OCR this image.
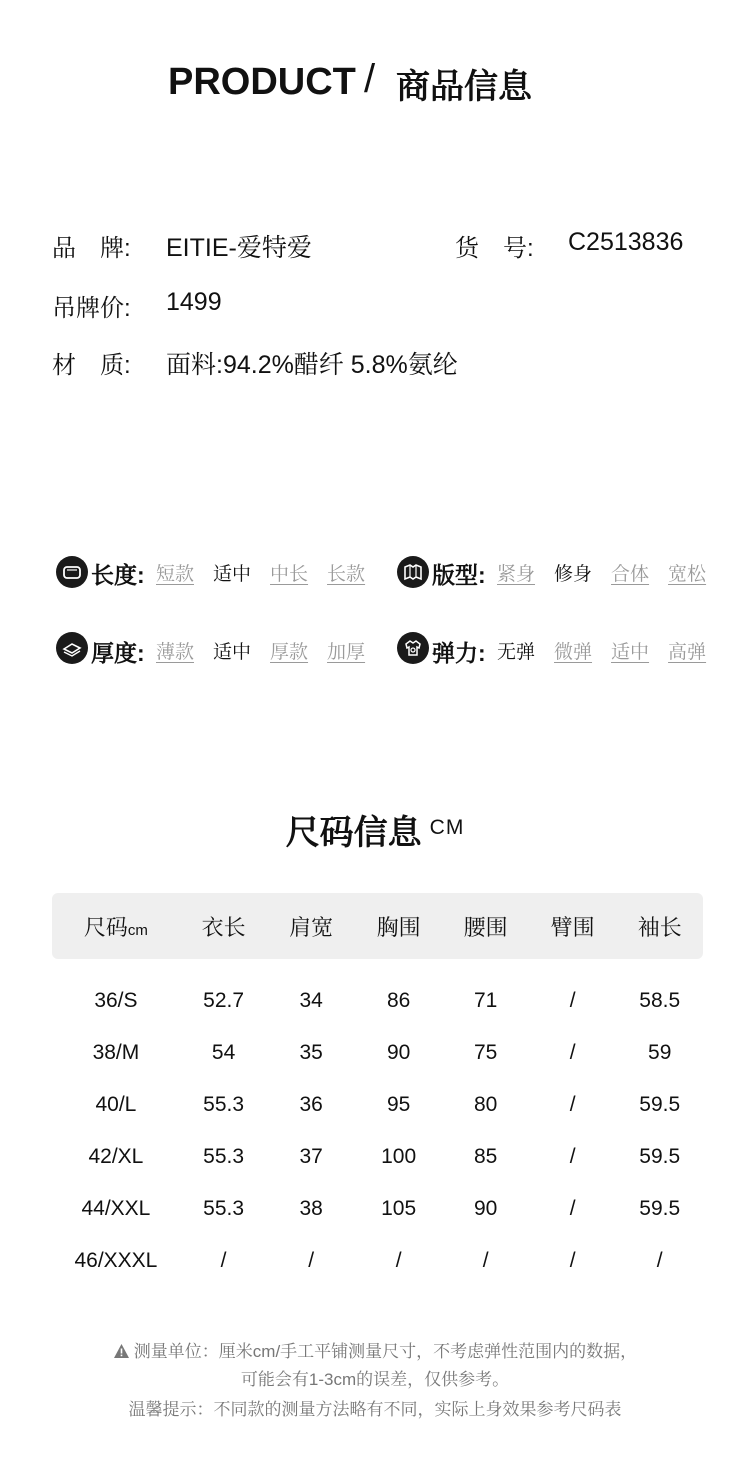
PRODUCT / 商品信息
品　牌: EITIE-爱特爱	货　号: C2513836
吊牌价: 1499
材　质: 面料:94.2%醋纤 5.8%氨纶
长度: 短款 适中 中长 长款	版型: 紧身 修身 合体 宽松
厚度: 薄款 适中 厚款 加厚	弹力: 无弹 微弹 适中 高弹
尺码信息 CM
尺码cm	衣长	肩宽	胸围	腰围	臂围	袖长
36/S	52.7	34	86	71	/	58.5
38/M	54	35	90	75	/	59
40/L	55.3	36	95	80	/	59.5
42/XL	55.3	37	100	85	/	59.5
44/XXL	55.3	38	105	90	/	59.5
46/XXXL	/	/	/	/	/	/
测量单位：厘米cm/手工平铺测量尺寸，不考虑弹性范围内的数据，
可能会有1-3cm的误差，仅供参考。
温馨提示：不同款的测量方法略有不同，实际上身效果参考尺码表
